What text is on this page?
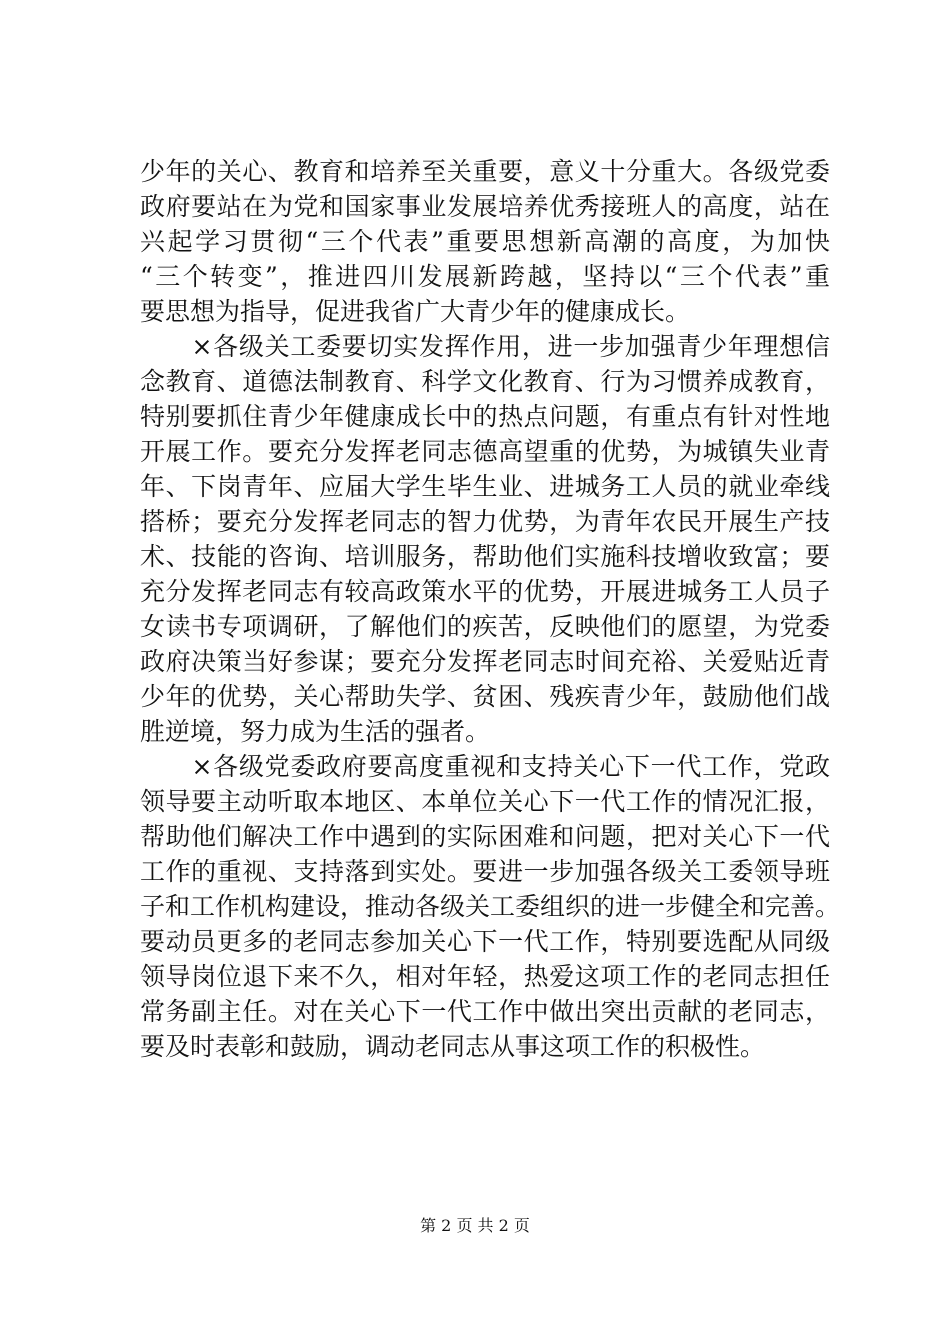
少年的关心、教育和培养至关重要，意义十分重大。各级党委
政府要站在为党和国家事业发展培养优秀接班人的高度，站在
兴起学习贯彻“三个代表”重要思想新高潮的高度，为加快
“三个转变”，推进四川发展新跨越，坚持以“三个代表”重
要思想为指导，促进我省广大青少年的健康成长。
　　×各级关工委要切实发挥作用，进一步加强青少年理想信
念教育、道德法制教育、科学文化教育、行为习惯养成教育，
特别要抓住青少年健康成长中的热点问题，有重点有针对性地
开展工作。要充分发挥老同志德高望重的优势，为城镇失业青
年、下岗青年、应届大学生毕生业、进城务工人员的就业牵线
搭桥；要充分发挥老同志的智力优势，为青年农民开展生产技
术、技能的咨询、培训服务，帮助他们实施科技增收致富；要
充分发挥老同志有较高政策水平的优势，开展进城务工人员子
女读书专项调研，了解他们的疾苦，反映他们的愿望，为党委
政府决策当好参谋；要充分发挥老同志时间充裕、关爱贴近青
少年的优势，关心帮助失学、贫困、残疾青少年，鼓励他们战
胜逆境，努力成为生活的强者。
　　×各级党委政府要高度重视和支持关心下一代工作，党政
领导要主动听取本地区、本单位关心下一代工作的情况汇报，
帮助他们解决工作中遇到的实际困难和问题，把对关心下一代
工作的重视、支持落到实处。要进一步加强各级关工委领导班
子和工作机构建设，推动各级关工委组织的进一步健全和完善。
要动员更多的老同志参加关心下一代工作，特别要选配从同级
领导岗位退下来不久，相对年轻，热爱这项工作的老同志担任
常务副主任。对在关心下一代工作中做出突出贡献的老同志，
要及时表彰和鼓励，调动老同志从事这项工作的积极性。
第 2 页 共 2 页
